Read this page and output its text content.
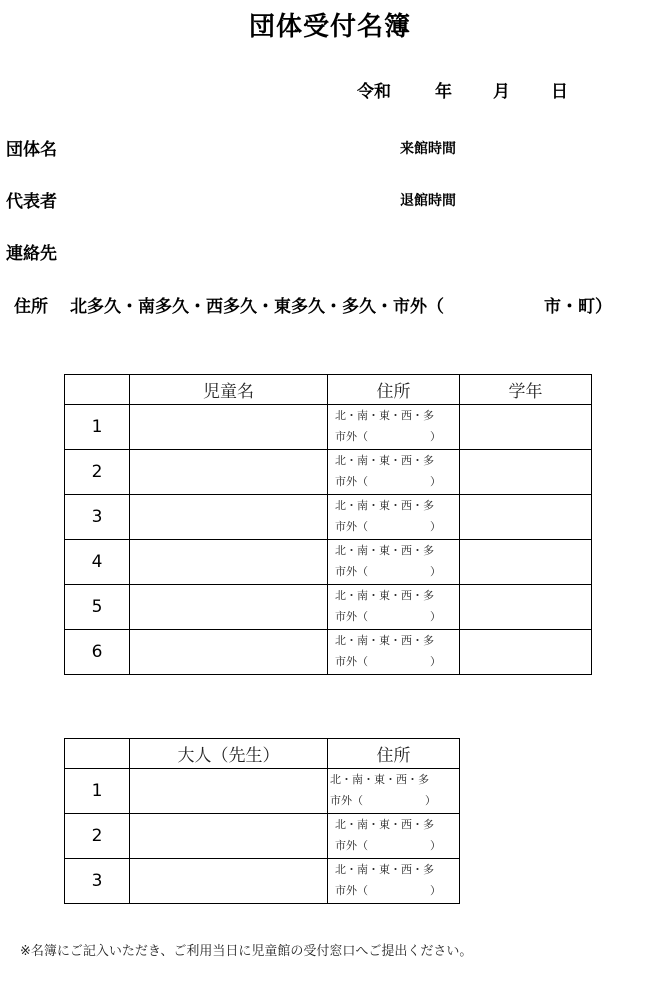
団体受付名簿
令和	年 月 日
団体名	来館時間
代表者	退館時間
連絡先
住所 北多久・南多久・西多久・東多久・多久・市外（	市・町）
	児童名	住所	学年
1		北・南・東・西・多
市外（ ）	

2		北・南・東・西・多
市外（ ）	

3		北・南・東・西・多
市外（ ）	

4		北・南・東・西・多
市外（ ）	

5		北・南・東・西・多
市外（ ）	

6		北・南・東・西・多
市外（ ）	

	大人（先生）	住所
1		北・南・東・西・多
市外（ ）

2		北・南・東・西・多
市外（ ）

3		北・南・東・西・多
市外（ ）
※名簿にご記入いただき、ご利用当日に児童館の受付窓口へご提出ください。
